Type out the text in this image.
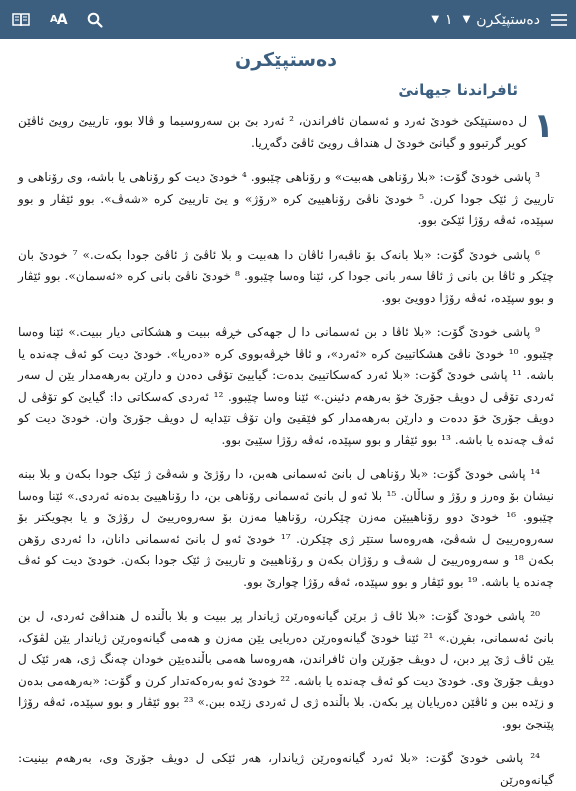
A A	دەستپێکرن
▼
١
▼
دەستپێکرن
ئافراندنا جیهانێ

١
ل دەستپێکێ خودێ ئەرد و ئەسمان ئافراندن، ² ئەرد بێ بن سەروسیما و ڤالا بوو، تارییێ رویێ ئاڤێن کویر گرتبوو و گیانێ خودێ ل هنداڤ رویێ ئاڤێ دگەڕیا.

³ پاشی خودێ گۆت: «بلا رۆناهی هەبیت» و رۆناهی چێبوو. ⁴ خودێ دیت کو رۆناهی یا باشە، وی رۆناهی و تارییێ ژ ئێک جودا کرن. ⁵ خودێ ناڤێ رۆناهییێ کرە «رۆژ» و یێ تارییێ کرە «شەڤ». بوو ئێڤار و بوو سپێدە، ئەڤە رۆژا ئێکێ بوو.

⁶ پاشی خودێ گۆت: «بلا بانەک بۆ ناڤبەرا ئاڤان دا هەبیت و بلا ئاڤێ ژ ئاڤێ جودا بکەت.» ⁷ خودێ بان چێکر و ئاڤا بن بانی ژ ئاڤا سەر بانی جودا کر، ئێنا وەسا چێبوو. ⁸ خودێ ناڤێ بانی کرە «ئەسمان». بوو ئێڤار و بوو سپێدە، ئەڤە رۆژا دوویێ بوو.

⁹ پاشی خودێ گۆت: «بلا ئاڤا د بن ئەسمانی دا ل جهەکی خڕڤە ببیت و هشکاتی دیار ببیت.» ئێنا وەسا چێبوو. ¹⁰ خودێ ناڤێ هشکاتییێ کرە «ئەرد»، و ئاڤا خڕڤەبووی کرە «دەریا». خودێ دیت کو ئەڤ چەندە یا باشە. ¹¹ پاشی خودێ گۆت: «بلا ئەرد کەسکاتییێ بدەت: گیاییێ تۆڤی دەدن و دارێن بەرهەمدار یێن ل سەر ئەردی تۆڤی ل دویڤ جۆرێ خۆ بەرهەم دئینن.» ئێنا وەسا چێبوو. ¹² ئەردی کەسکاتی دا: گیایێ کو تۆڤی ل دویڤ جۆرێ خۆ ددەت و دارێن بەرهەمدار کو فێقیێ وان تۆڤ تێدایە ل دویڤ جۆرێ وان. خودێ دیت کو ئەڤ چەندە یا باشە. ¹³ بوو ئێڤار و بوو سپێدە، ئەڤە رۆژا سێیێ بوو.

¹⁴ پاشی خودێ گۆت: «بلا رۆناهی ل بانێ ئەسمانی هەبن، دا رۆژێ و شەڤێ ژ ئێک جودا بکەن و بلا ببنە نیشان بۆ وەرز و رۆژ و ساڵان. ¹⁵ بلا ئەو ل بانێ ئەسمانی رۆناهی بن، دا رۆناهییێ بدەنە ئەردی.» ئێنا وەسا چێبوو. ¹⁶ خودێ دوو رۆناهییێن مەزن چێکرن، رۆناهیا مەزن بۆ سەروەرییێ ل رۆژێ و یا بچویکتر بۆ سەروەرییێ ل شەڤێ، هەروەسا ستێر ژی چێکرن. ¹⁷ خودێ ئەو ل بانێ ئەسمانی دانان، دا ئەردی رۆهن بکەن ¹⁸ و سەروەرییێ ل شەڤ و رۆژان بکەن و رۆناهییێ و تارییێ ژ ئێک جودا بکەن. خودێ دیت کو ئەڤ چەندە یا باشە. ¹⁹ بوو ئێڤار و بوو سپێدە، ئەڤە رۆژا چوارێ بوو.

²⁰ پاشی خودێ گۆت: «بلا ئاڤ ژ برێن گیانەوەرێن ژیاندار پڕ ببیت و بلا باڵندە ل هنداڤێ ئەردی، ل بن بانێ ئەسمانی، بفڕن.» ²¹ ئێنا خودێ گیانەوەرێن دەریایی یێن مەزن و هەمی گیانەوەرێن ژیاندار یێن لڤۆک، یێن ئاڤ ژێ پڕ دبن، ل دویڤ جۆرێن وان ئافراندن، هەروەسا هەمی باڵندەیێن خودان چەنگ ژی، هەر ئێک ل دویڤ جۆرێ وی. خودێ دیت کو ئەڤ چەندە یا باشە. ²² خودێ ئەو بەرەکەتدار کرن و گۆت: «بەرهەمی بدەن و زێدە ببن و ئاڤێن دەریایان پڕ بکەن. بلا باڵندە ژی ل ئەردی زێدە ببن.» ²³ بوو ئێڤار و بوو سپێدە، ئەڤە رۆژا پێنجێ بوو.

²⁴ پاشی خودێ گۆت: «بلا ئەرد گیانەوەرێن ژیاندار، هەر ئێکی ل دویڤ جۆرێ وی، بەرهەم بینیت: گیانەوەرێن
